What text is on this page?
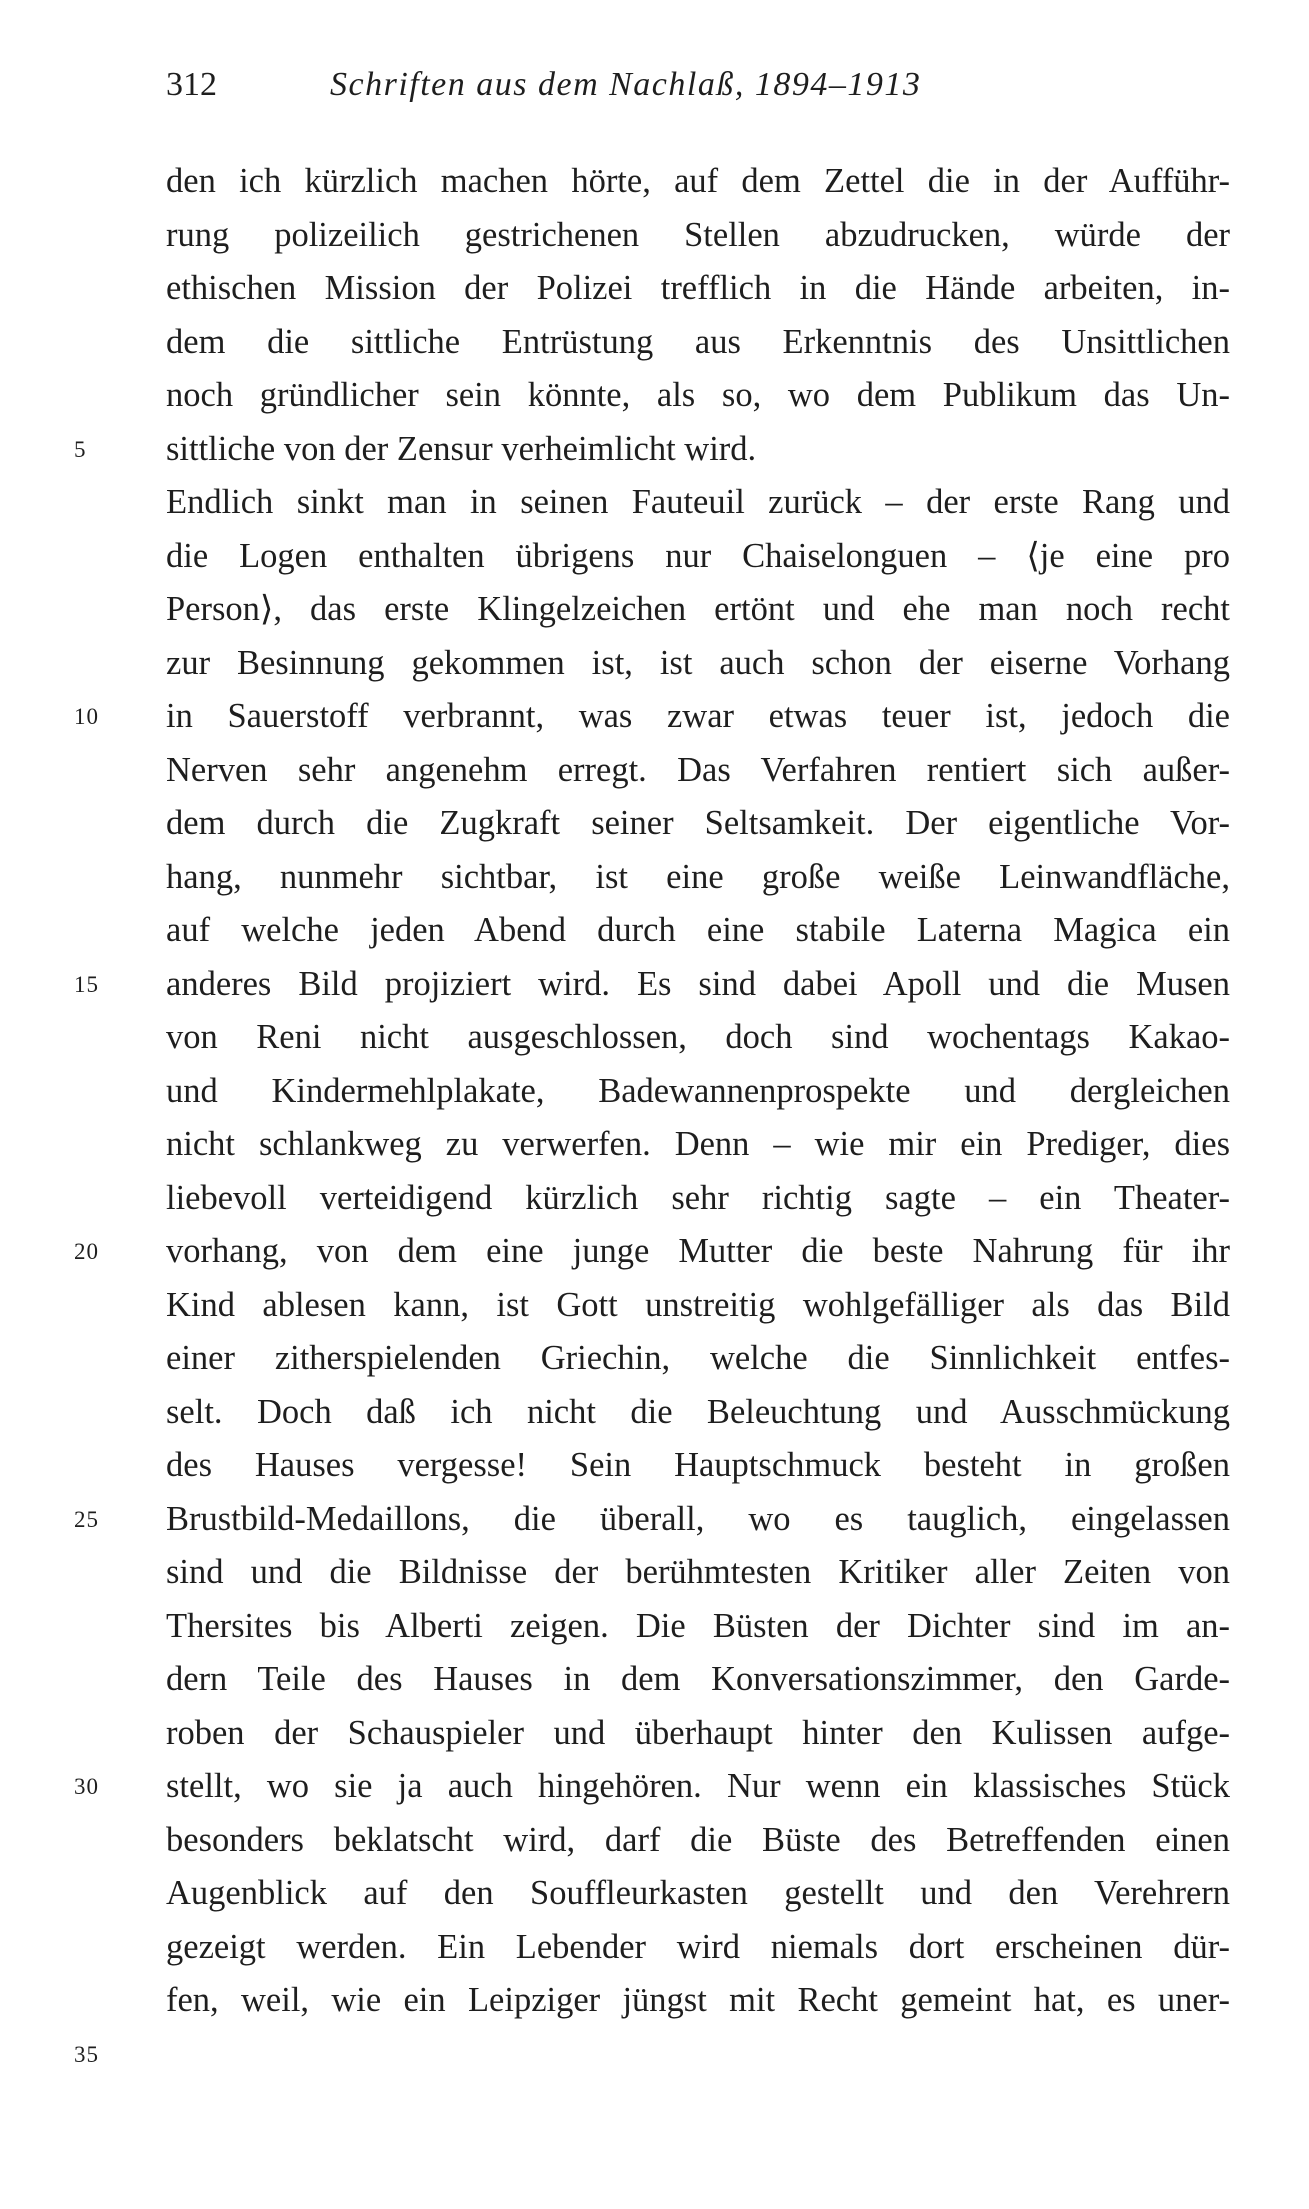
312	Schriften aus dem Nachlaß, 1894–1913
den ich kürzlich machen hörte, auf dem Zettel die in der Aufführ-
rung polizeilich gestrichenen Stellen abzudrucken, würde der
ethischen Mission der Polizei trefflich in die Hände arbeiten, in-
dem die sittliche Entrüstung aus Erkenntnis des Unsittlichen
noch gründlicher sein könnte, als so, wo dem Publikum das Un-
5	sittliche von der Zensur verheimlicht wird.
Endlich sinkt man in seinen Fauteuil zurück – der erste Rang und
die Logen enthalten übrigens nur Chaiselonguen – ⟨je eine pro
Person⟩, das erste Klingelzeichen ertönt und ehe man noch recht
zur Besinnung gekommen ist, ist auch schon der eiserne Vorhang
10	in Sauerstoff verbrannt, was zwar etwas teuer ist, jedoch die
Nerven sehr angenehm erregt. Das Verfahren rentiert sich außer-
dem durch die Zugkraft seiner Seltsamkeit. Der eigentliche Vor-
hang, nunmehr sichtbar, ist eine große weiße Leinwandfläche,
auf welche jeden Abend durch eine stabile Laterna Magica ein
15	anderes Bild projiziert wird. Es sind dabei Apoll und die Musen
von Reni nicht ausgeschlossen, doch sind wochentags Kakao-
und Kindermehlplakate, Badewannenprospekte und dergleichen
nicht schlankweg zu verwerfen. Denn – wie mir ein Prediger, dies
liebevoll verteidigend kürzlich sehr richtig sagte – ein Theater-
20	vorhang, von dem eine junge Mutter die beste Nahrung für ihr
Kind ablesen kann, ist Gott unstreitig wohlgefälliger als das Bild
einer zitherspielenden Griechin, welche die Sinnlichkeit entfes-
selt. Doch daß ich nicht die Beleuchtung und Ausschmückung
des Hauses vergesse! Sein Hauptschmuck besteht in großen
25	Brustbild-Medaillons, die überall, wo es tauglich, eingelassen
sind und die Bildnisse der berühmtesten Kritiker aller Zeiten von
Thersites bis Alberti zeigen. Die Büsten der Dichter sind im an-
dern Teile des Hauses in dem Konversationszimmer, den Garde-
roben der Schauspieler und überhaupt hinter den Kulissen aufge-
30	stellt, wo sie ja auch hingehören. Nur wenn ein klassisches Stück
besonders beklatscht wird, darf die Büste des Betreffenden einen
Augenblick auf den Souffleurkasten gestellt und den Verehrern
gezeigt werden. Ein Lebender wird niemals dort erscheinen dür-
fen, weil, wie ein Leipziger jüngst mit Recht gemeint hat, es uner-
35
